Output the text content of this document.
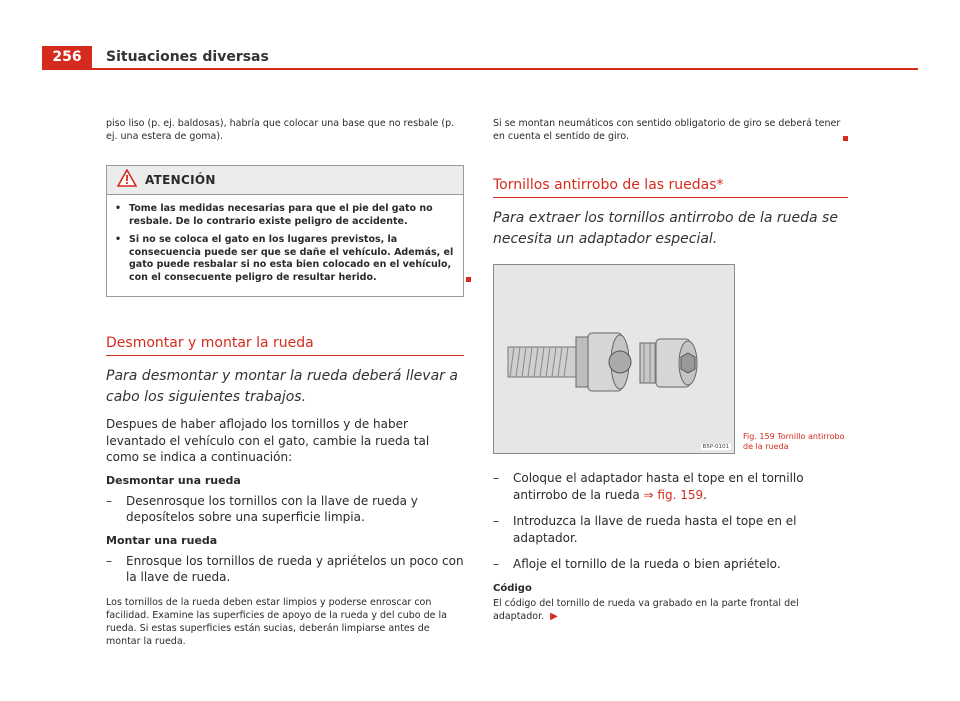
256	Situaciones diversas

piso liso (p. ej. baldosas), habría que colocar una base que no resbale (p. ej. una estera de goma).

ATENCIÓN
• Tome las medidas necesarias para que el pie del gato no resbale. De lo contrario existe peligro de accidente.
• Si no se coloca el gato en los lugares previstos, la consecuencia puede ser que se dañe el vehículo. Además, el gato puede resbalar si no esta bien colocado en el vehículo, con el consecuente peligro de resultar herido.
Desmontar y montar la rueda

Para desmontar y montar la rueda deberá llevar a cabo los siguientes trabajos.

Despues de haber aflojado los tornillos y de haber levantado el vehículo con el gato, cambie la rueda tal como se indica a continuación:

Desmontar una rueda

–	Desenrosque los tornillos con la llave de rueda y deposítelos sobre una superficie limpia.

Montar una rueda

–	Enrosque los tornillos de rueda y apriételos un poco con la llave de rueda.

Los tornillos de la rueda deben estar limpios y poderse enroscar con facilidad. Examine las superficies de apoyo de la rueda y del cubo de la rueda. Si estas superficies están sucias, deberán limpiarse antes de montar la rueda.

Si se montan neumáticos con sentido obligatorio de giro se deberá tener en cuenta el sentido de giro.

Tornillos antirrobo de las ruedas*

Para extraer los tornillos antirrobo de la rueda se necesita un adaptador especial.

B5P-0101
Fig. 159 Tornillo antirrobo de la rueda
–	Coloque el adaptador hasta el tope en el tornillo antirrobo de la rueda ⇒ fig. 159.
–	Introduzca la llave de rueda hasta el tope en el adaptador.
–	Afloje el tornillo de la rueda o bien apriételo.

Código

El código del tornillo de rueda va grabado en la parte frontal del adaptador. ▶
